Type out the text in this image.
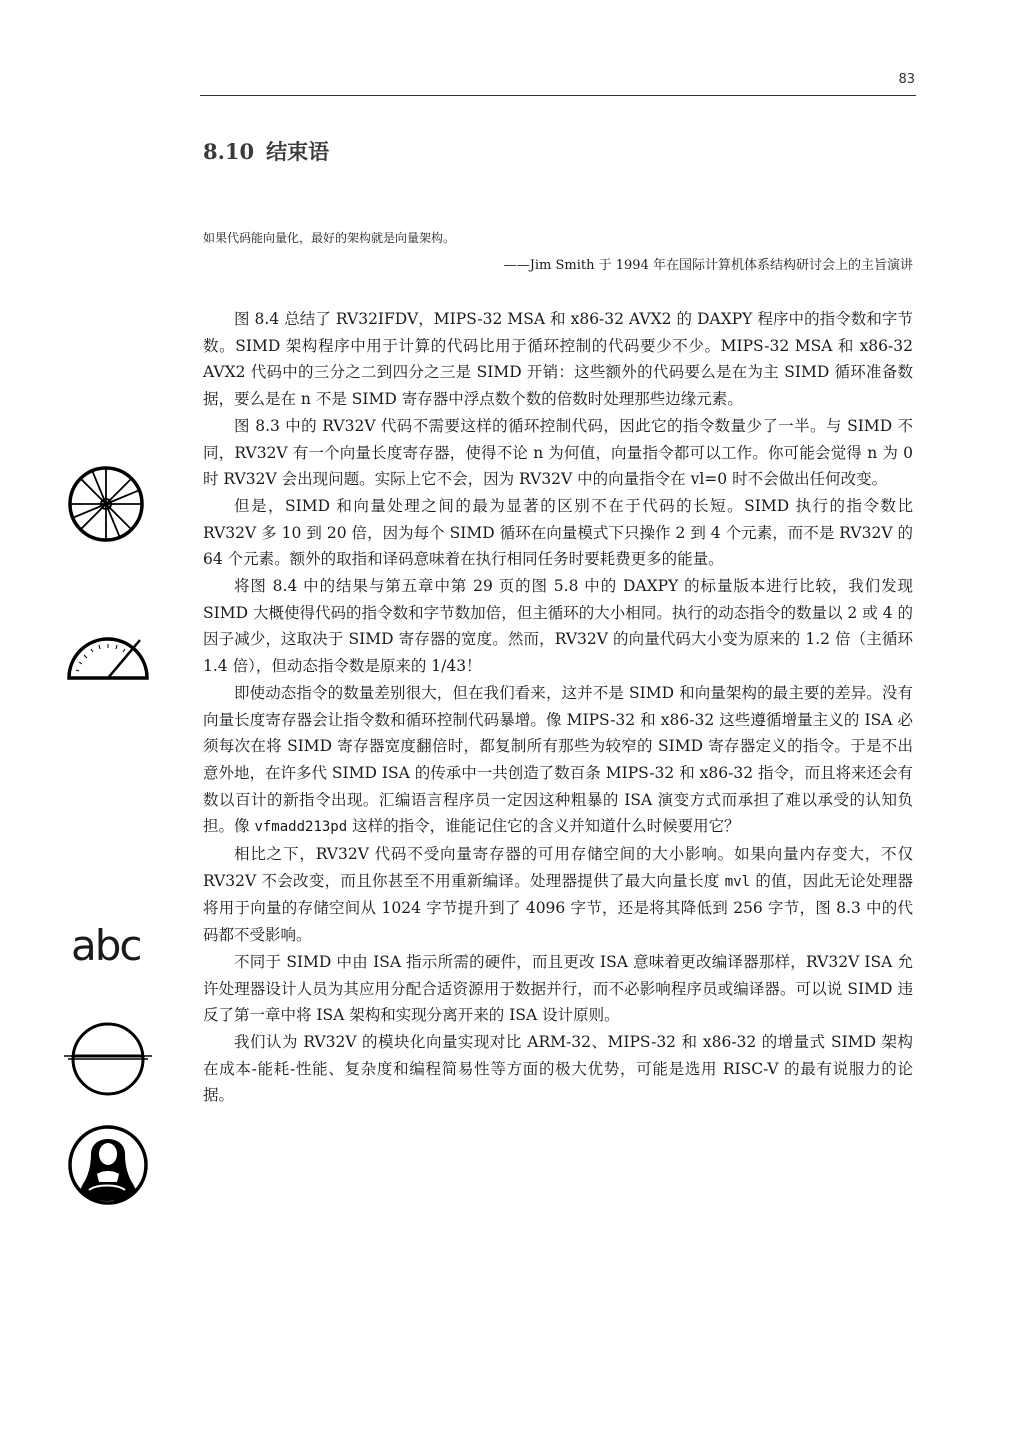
83
8.10 结束语
如果代码能向量化，最好的架构就是向量架构。
——Jim Smith 于 1994 年在国际计算机体系结构研讨会上的主旨演讲

图 8.4 总结了 RV32IFDV，MIPS-32 MSA 和 x86-32 AVX2 的 DAXPY 程序中的指令数和字节数。SIMD 架构程序中用于计算的代码比用于循环控制的代码要少不少。MIPS-32 MSA 和 x86-32 AVX2 代码中的三分之二到四分之三是 SIMD 开销：这些额外的代码要么是在为主 SIMD 循环准备数据，要么是在 n 不是 SIMD 寄存器中浮点数个数的倍数时处理那些边缘元素。

图 8.3 中的 RV32V 代码不需要这样的循环控制代码，因此它的指令数量少了一半。与 SIMD 不同，RV32V 有一个向量长度寄存器，使得不论 n 为何值，向量指令都可以工作。你可能会觉得 n 为 0 时 RV32V 会出现问题。实际上它不会，因为 RV32V 中的向量指令在 vl=0 时不会做出任何改变。

但是，SIMD 和向量处理之间的最为显著的区别不在于代码的长短。SIMD 执行的指令数比 RV32V 多 10 到 20 倍，因为每个 SIMD 循环在向量模式下只操作 2 到 4 个元素，而不是 RV32V 的 64 个元素。额外的取指和译码意味着在执行相同任务时要耗费更多的能量。

将图 8.4 中的结果与第五章中第 29 页的图 5.8 中的 DAXPY 的标量版本进行比较，我们发现 SIMD 大概使得代码的指令数和字节数加倍，但主循环的大小相同。执行的动态指令的数量以 2 或 4 的因子减少，这取决于 SIMD 寄存器的宽度。然而，RV32V 的向量代码大小变为原来的 1.2 倍（主循环 1.4 倍），但动态指令数是原来的 1/43！

即使动态指令的数量差别很大，但在我们看来，这并不是 SIMD 和向量架构的最主要的差异。没有向量长度寄存器会让指令数和循环控制代码暴增。像 MIPS-32 和 x86-32 这些遵循增量主义的 ISA 必须每次在将 SIMD 寄存器宽度翻倍时，都复制所有那些为较窄的 SIMD 寄存器定义的指令。于是不出意外地，在许多代 SIMD ISA 的传承中一共创造了数百条 MIPS-32 和 x86-32 指令，而且将来还会有数以百计的新指令出现。汇编语言程序员一定因这种粗暴的 ISA 演变方式而承担了难以承受的认知负担。像 vfmadd213pd 这样的指令，谁能记住它的含义并知道什么时候要用它？

相比之下，RV32V 代码不受向量寄存器的可用存储空间的大小影响。如果向量内存变大，不仅 RV32V 不会改变，而且你甚至不用重新编译。处理器提供了最大向量长度 mvl 的值，因此无论处理器将用于向量的存储空间从 1024 字节提升到了 4096 字节，还是将其降低到 256 字节，图 8.3 中的代码都不受影响。

不同于 SIMD 中由 ISA 指示所需的硬件，而且更改 ISA 意味着更改编译器那样，RV32V ISA 允许处理器设计人员为其应用分配合适资源用于数据并行，而不必影响程序员或编译器。可以说 SIMD 违反了第一章中将 ISA 架构和实现分离开来的 ISA 设计原则。

我们认为 RV32V 的模块化向量实现对比 ARM-32、MIPS-32 和 x86-32 的增量式 SIMD 架构在成本-能耗-性能、复杂度和编程简易性等方面的极大优势，可能是选用 RISC-V 的最有说服力的论据。

abc
